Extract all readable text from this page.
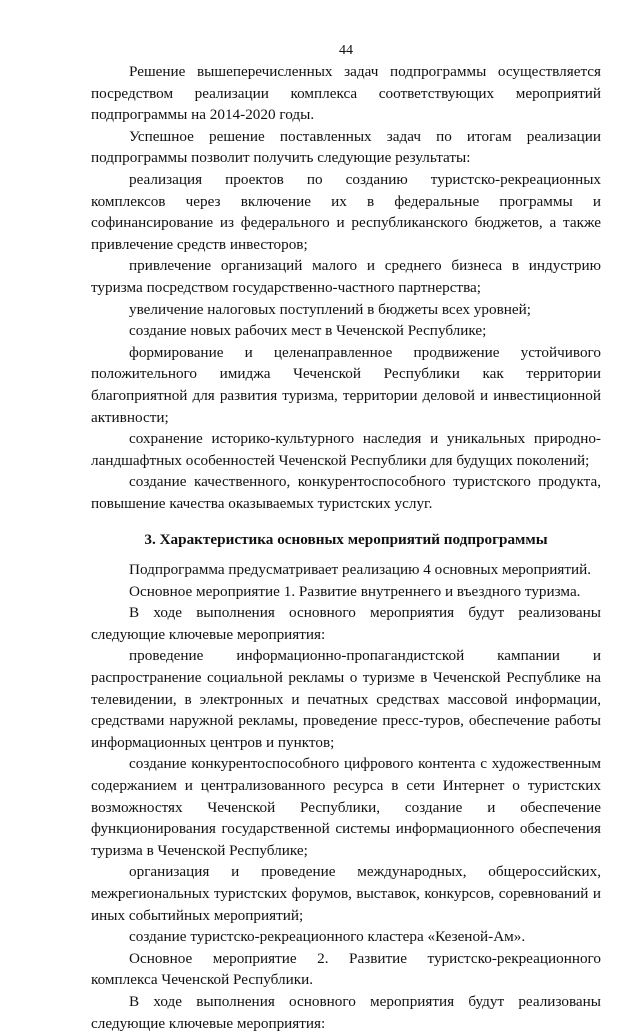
44

Решение вышеперечисленных задач подпрограммы осуществляется посредством реализации комплекса соответствующих мероприятий подпрограммы на 2014-2020 годы.

Успешное решение поставленных задач по итогам реализации подпрограммы позволит получить следующие результаты:

реализация проектов по созданию туристско-рекреационных комплексов через включение их в федеральные программы и софинансирование из федерального и республиканского бюджетов, а также привлечение средств инвесторов;

привлечение организаций малого и среднего бизнеса в индустрию туризма посредством государственно-частного партнерства;

увеличение налоговых поступлений в бюджеты всех уровней;

создание новых рабочих мест в Чеченской Республике;

формирование и целенаправленное продвижение устойчивого положительного имиджа Чеченской Республики как территории благоприятной для развития туризма, территории деловой и инвестиционной активности;

сохранение историко-культурного наследия и уникальных природно-ландшафтных особенностей Чеченской Республики для будущих поколений;

создание качественного, конкурентоспособного туристского продукта, повышение качества оказываемых туристских услуг.

3. Характеристика основных мероприятий подпрограммы

Подпрограмма предусматривает реализацию 4 основных мероприятий.

Основное мероприятие 1. Развитие внутреннего и въездного туризма.

В ходе выполнения основного мероприятия будут реализованы следующие ключевые мероприятия:

проведение информационно-пропагандистской кампании и распространение социальной рекламы о туризме в Чеченской Республике на телевидении, в электронных и печатных средствах массовой информации, средствами наружной рекламы, проведение пресс-туров, обеспечение работы информационных центров и пунктов;

создание конкурентоспособного цифрового контента с художественным содержанием и централизованного ресурса в сети Интернет о туристских возможностях Чеченской Республики, создание и обеспечение функционирования государственной системы информационного обеспечения туризма в Чеченской Республике;

организация и проведение международных, общероссийских, межрегиональных туристских форумов, выставок, конкурсов, соревнований и иных событийных мероприятий;

создание туристско-рекреационного кластера «Кезеной-Ам».

Основное мероприятие 2. Развитие туристско-рекреационного комплекса Чеченской Республики.

В ходе выполнения основного мероприятия будут реализованы следующие ключевые мероприятия:
